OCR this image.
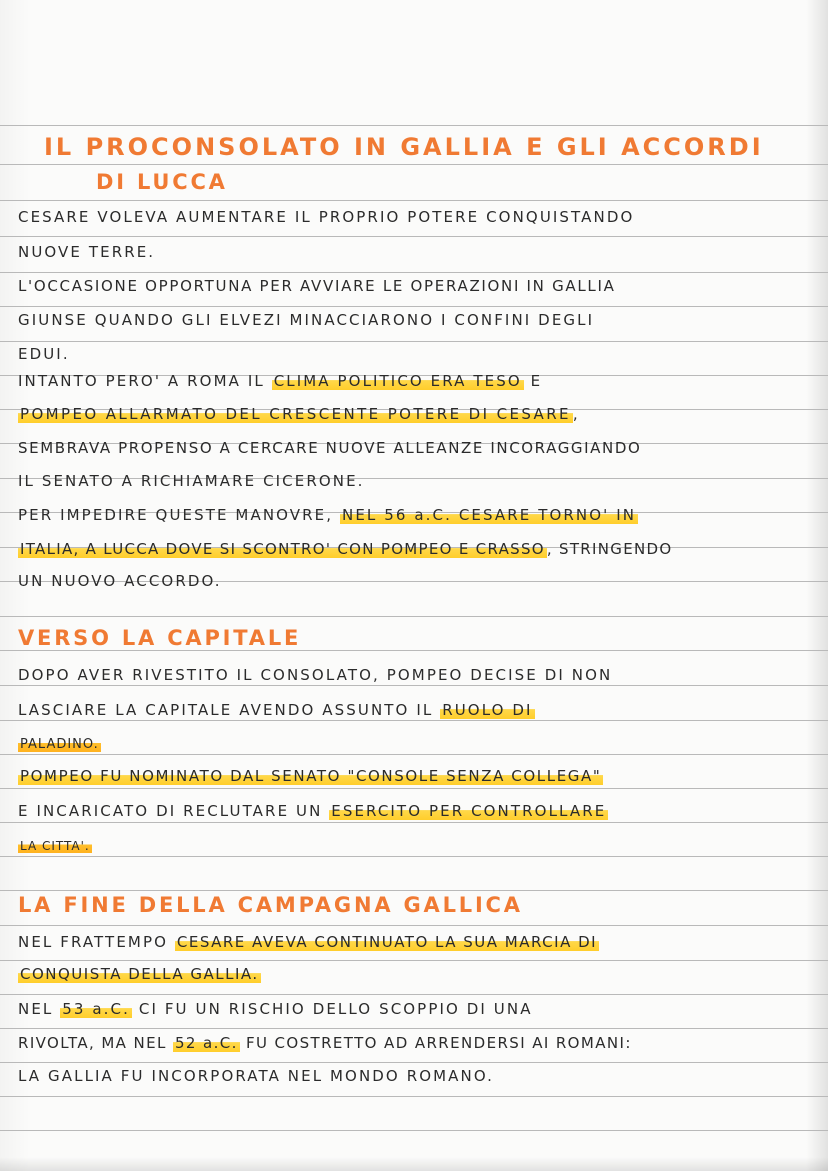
IL PROCONSOLATO IN GALLIA E GLI ACCORDI
DI LUCCA
CESARE VOLEVA AUMENTARE IL PROPRIO POTERE CONQUISTANDO
NUOVE TERRE.
L'OCCASIONE OPPORTUNA PER AVVIARE LE OPERAZIONI IN GALLIA
GIUNSE QUANDO GLI ELVEZI MINACCIARONO I CONFINI DEGLI
EDUI.
INTANTO PERO' A ROMA IL CLIMA POLITICO ERA TESO E
POMPEO ALLARMATO DEL CRESCENTE POTERE DI CESARE ,
SEMBRAVA PROPENSO A CERCARE NUOVE ALLEANZE INCORAGGIANDO
IL SENATO A RICHIAMARE CICERONE.
PER IMPEDIRE QUESTE MANOVRE, NEL 56 a.C. CESARE TORNO' IN
ITALIA, A LUCCA DOVE SI SCONTRO' CON POMPEO E CRASSO , STRINGENDO
UN NUOVO ACCORDO.
VERSO LA CAPITALE
DOPO AVER RIVESTITO IL CONSOLATO, POMPEO DECISE DI NON
LASCIARE LA CAPITALE AVENDO ASSUNTO IL RUOLO DI
PALADINO.
POMPEO FU NOMINATO DAL SENATO "CONSOLE SENZA COLLEGA"
E INCARICATO DI RECLUTARE UN ESERCITO PER CONTROLLARE
LA CITTA'.
LA FINE DELLA CAMPAGNA GALLICA
NEL FRATTEMPO CESARE AVEVA CONTINUATO LA SUA MARCIA DI
CONQUISTA DELLA GALLIA.
NEL 53 a.C. CI FU UN RISCHIO DELLO SCOPPIO DI UNA
RIVOLTA, MA NEL 52 a.C. FU COSTRETTO AD ARRENDERSI AI ROMANI:
LA GALLIA FU INCORPORATA NEL MONDO ROMANO.
